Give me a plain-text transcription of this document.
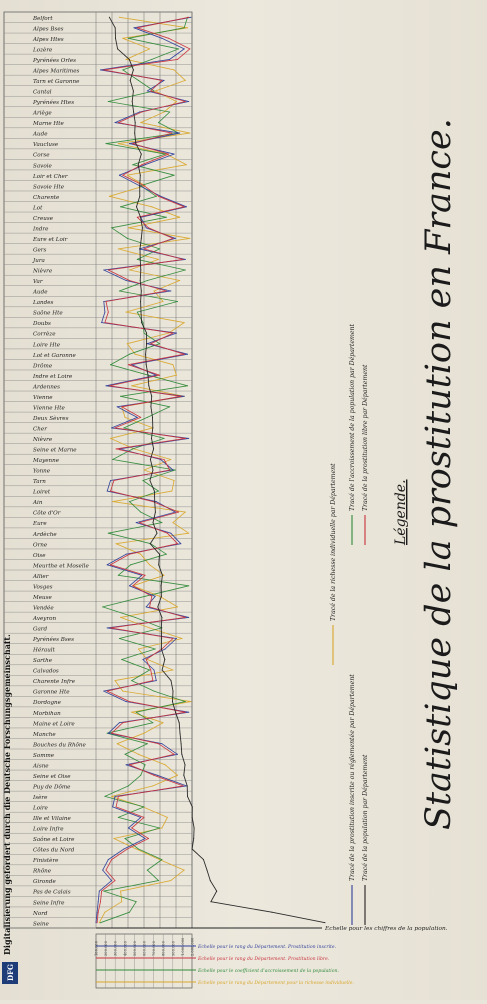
Digitalisierung gefördert durch die Deutsche Forschungsgemeinschaft.
DFG
Belfort
Alpes Bses
Alpes Htes
Lozère
Pyrénées Orles
Alpes Maritimes
Tarn et Garonne
Cantal
Pyrénées Htes
Ariège
Marne Hte
Aude
Vaucluse
Corse
Savoie
Loir et Cher
Savoie Hte
Charente
Lot
Creuse
Indre
Eure et Loir
Gers
Jura
Nièvre
Var
Aude
Landes
Saône Hte
Doubs
Corrèze
Loire Hte
Lot et Garonne
Drôme
Indre et Loire
Ardennes
Vienne
Vienne Hte
Deux Sèvres
Cher
Nièvre
Seine et Marne
Mayenne
Yonne
Tarn
Loiret
Ain
Côte d'Or
Eure
Ardèche
Orne
Oise
Meurthe et Moselle
Allier
Vosges
Meuse
Vendée
Aveyron
Gard
Pyrénées Bses
Hérault
Sarthe
Calvados
Charente Infre
Garonne Hte
Dordogne
Morbihan
Maine et Loire
Manche
Bouches du Rhône
Somme
Aisne
Seine et Oise
Puy de Dôme
Isère
Loire
Ille et Vilaine
Loire Infre
Saône et Loire
Côtes du Nord
Finistère
Rhône
Gironde
Pas de Calais
Seine Infre
Nord
Seine
100.000 200.000 300.000 400.000 500.000 600.000 700.000 800.000 900.000 1.000.000 2.000.000
Echelle pour les chiffres de la population.
Echelle pour le rang du Département. Prostitution inscrite.
Echelle pour le rang du Département. Prostitution libre.
Echelle pour le coefficient d'accroissement de la population.
Echelle pour le rang du Département pour la richesse individuelle.
Statistique de la prostitution en France.
Légende.
Tracé de la population par Département
Tracé de la prostitution inscrite ou réglementée par Département
Tracé de la richesse individuelle par Département
Tracé de la prostitution libre par Département
Tracé de l'accroissement de la population par Département
